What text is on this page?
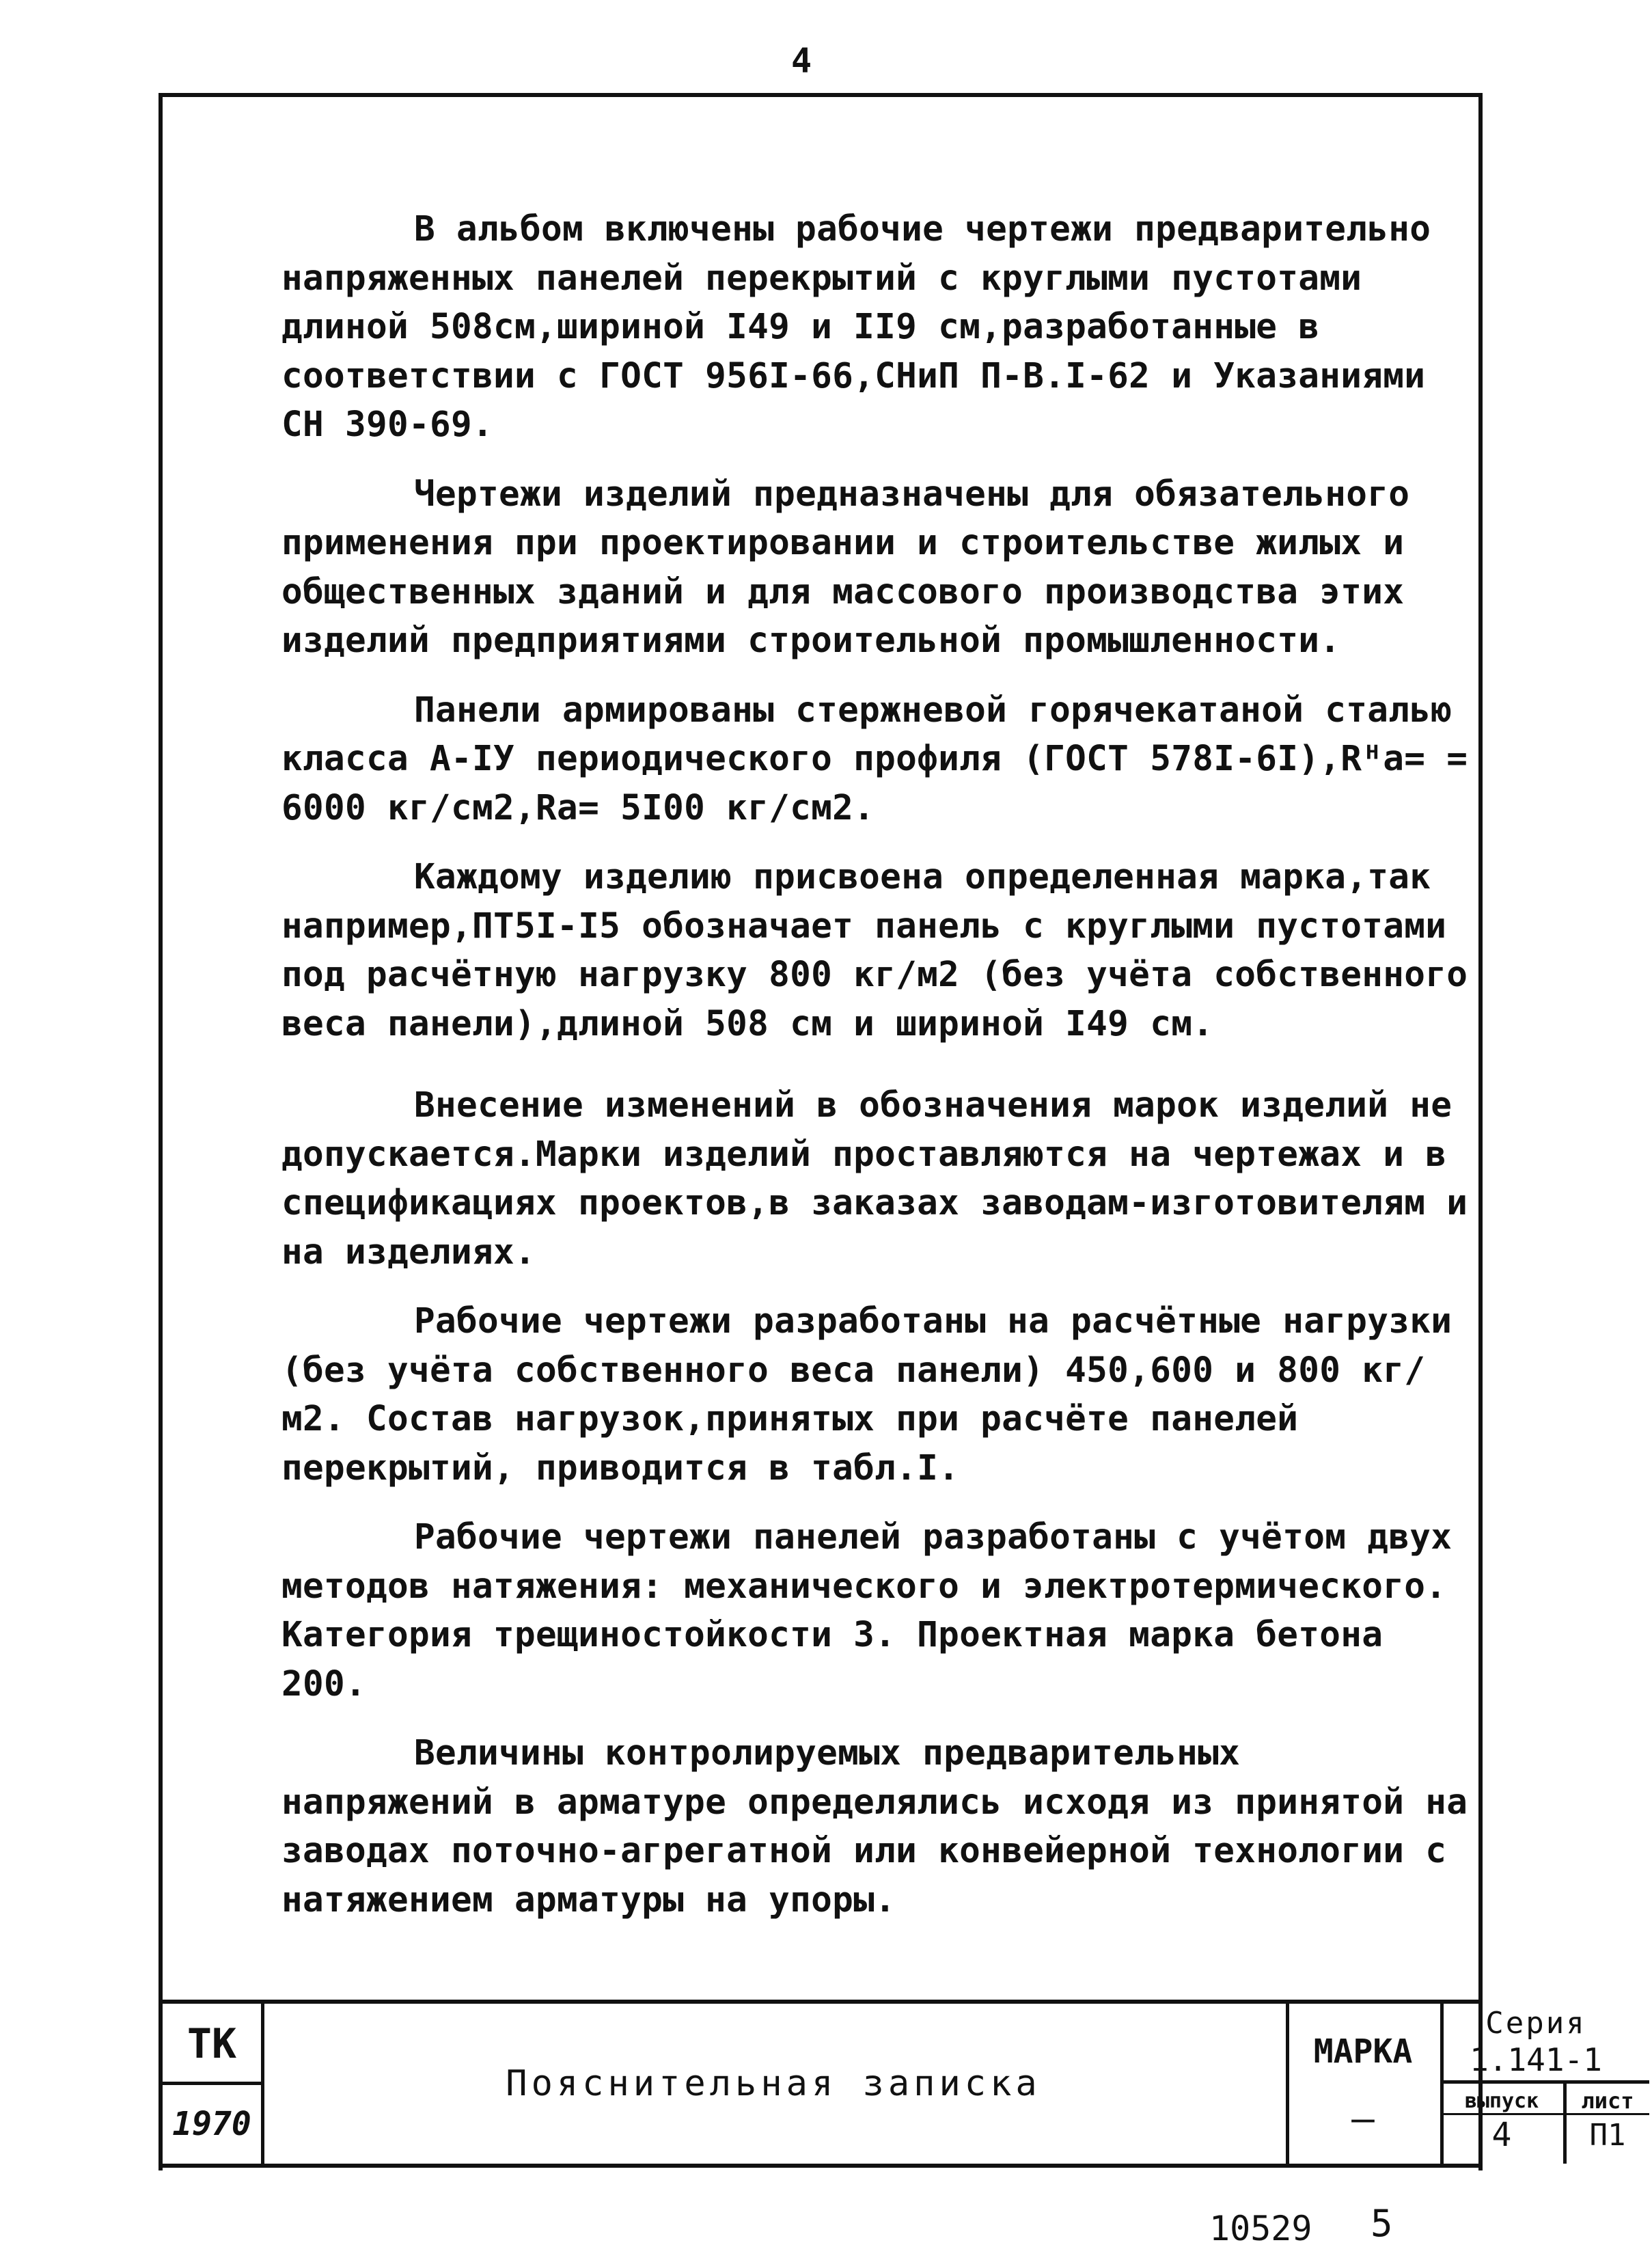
4

В альбом включены рабочие чертежи предварительно напряженных панелей перекрытий с круглыми пустотами длиной 508см,шириной I49 и II9 см,разработанные в соответствии с ГОСТ 956I-66,СНиП П-В.I-62 и Указаниями СН 390-69.

Чертежи изделий предназначены для обязательного применения при проектировании и строительстве жилых и общественных зданий и для массового производства этих изделий предприятиями строительной промышленности.

Панели армированы стержневой горячекатаной сталью класса А-IУ периодического профиля (ГОСТ 578I-6I),Rᴴа= = 6000 кг/см2,Rа= 5I00 кг/см2.

Каждому изделию присвоена определенная марка,так например,ПТ5I-I5 обозначает панель с круглыми пустотами под расчётную нагрузку 800 кг/м2 (без учёта собственного веса панели),длиной 508 см и шириной I49 см.

Внесение изменений в обозначения марок изделий не допускается.Марки изделий проставляются на чертежах и в спецификациях проектов,в заказах заводам-изготовителям и на изделиях.

Рабочие чертежи разработаны на расчётные нагрузки (без учёта собственного веса панели) 450,600 и 800 кг/м2. Состав нагрузок,принятых при расчёте панелей перекрытий, приводится в табл.I.

Рабочие чертежи панелей разработаны с учётом двух методов натяжения: механического и электротермического. Категория трещиностойкости 3. Проектная марка бетона 200.

Величины контролируемых предварительных напряжений в арматуре определялись исходя из принятой на заводах поточно-агрегатной или конвейерной технологии с натяжением арматуры на упоры.

ТК
1970
Пояснительная записка
МАРКА
—
Серия
1.141-1
выпуск
4
лист
П1
10529 5
